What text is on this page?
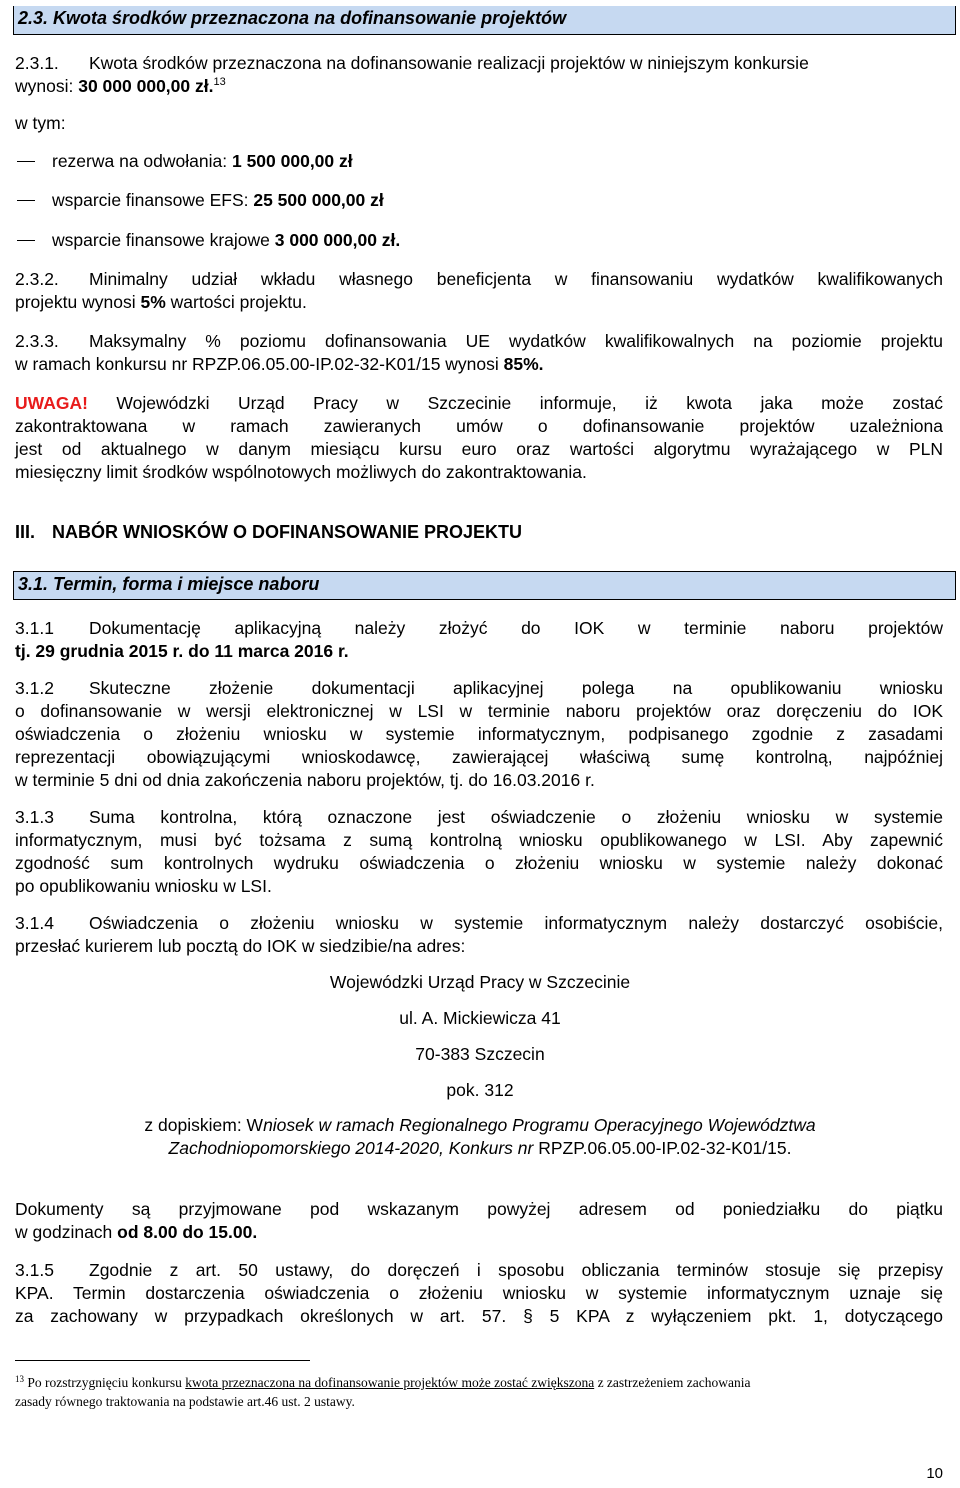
2.3. Kwota środków przeznaczona na dofinansowanie projektów
2.3.1. Kwota środków przeznaczona na dofinansowanie realizacji projektów w niniejszym konkursie
wynosi: 30 000 000,00 zł.$^{13}$
w tym:
rezerwa na odwołania: 1 500 000,00 zł
wsparcie finansowe EFS: 25 500 000,00 zł
wsparcie finansowe krajowe 3 000 000,00 zł.
2.3.2. Minimalny udział wkładu własnego beneficjenta w finansowaniu wydatków kwalifikowanych
projektu wynosi 5% wartości projektu.
2.3.3. Maksymalny % poziomu dofinansowania UE wydatków kwalifikowalnych na poziomie projektu
w ramach konkursu nr RPZP.06.05.00-IP.02-32-K01/15 wynosi 85%.
UWAGA! Wojewódzki Urząd Pracy w Szczecinie informuje, iż kwota jaka może zostać
zakontraktowana w ramach zawieranych umów o dofinansowanie projektów uzależniona
jest od aktualnego w danym miesiącu kursu euro oraz wartości algorytmu wyrażającego w PLN
miesięczny limit środków wspólnotowych możliwych do zakontraktowania.
III. NABÓR WNIOSKÓW O DOFINANSOWANIE PROJEKTU
3.1. Termin, forma i miejsce naboru
3.1.1 Dokumentację aplikacyjną należy złożyć do IOK w terminie naboru projektów
tj. 29 grudnia 2015 r. do 11 marca 2016 r.
3.1.2 Skuteczne złożenie dokumentacji aplikacyjnej polega na opublikowaniu wniosku
o dofinansowanie w wersji elektronicznej w LSI w terminie naboru projektów oraz doręczeniu do IOK
oświadczenia o złożeniu wniosku w systemie informatycznym, podpisanego zgodnie z zasadami
reprezentacji obowiązującymi wnioskodawcę, zawierającej właściwą sumę kontrolną, najpóźniej
w terminie 5 dni od dnia zakończenia naboru projektów, tj. do 16.03.2016 r.
3.1.3 Suma kontrolna, którą oznaczone jest oświadczenie o złożeniu wniosku w systemie
informatycznym, musi być tożsama z sumą kontrolną wniosku opublikowanego w LSI. Aby zapewnić
zgodność sum kontrolnych wydruku oświadczenia o złożeniu wniosku w systemie należy dokonać
po opublikowaniu wniosku w LSI.
3.1.4 Oświadczenia o złożeniu wniosku w systemie informatycznym należy dostarczyć osobiście,
przesłać kurierem lub pocztą do IOK w siedzibie/na adres:
Wojewódzki Urząd Pracy w Szczecinie
ul. A. Mickiewicza 41
70-383 Szczecin
pok. 312
z dopiskiem: Wniosek w ramach Regionalnego Programu Operacyjnego Województwa
Zachodniopomorskiego 2014-2020, Konkurs nr RPZP.06.05.00-IP.02-32-K01/15.
Dokumenty są przyjmowane pod wskazanym powyżej adresem od poniedziałku do piątku
w godzinach od 8.00 do 15.00.
3.1.5 Zgodnie z art. 50 ustawy, do doręczeń i sposobu obliczania terminów stosuje się przepisy
KPA. Termin dostarczenia oświadczenia o złożeniu wniosku w systemie informatycznym uznaje się
za zachowany w przypadkach określonych w art. 57. § 5 KPA z wyłączeniem pkt. 1, dotyczącego
$^{13}$ Po rozstrzygnięciu konkursu kwota przeznaczona na dofinansowanie projektów może zostać zwiększona z zastrzeżeniem zachowania
zasady równego traktowania na podstawie art.46 ust. 2 ustawy.
10
